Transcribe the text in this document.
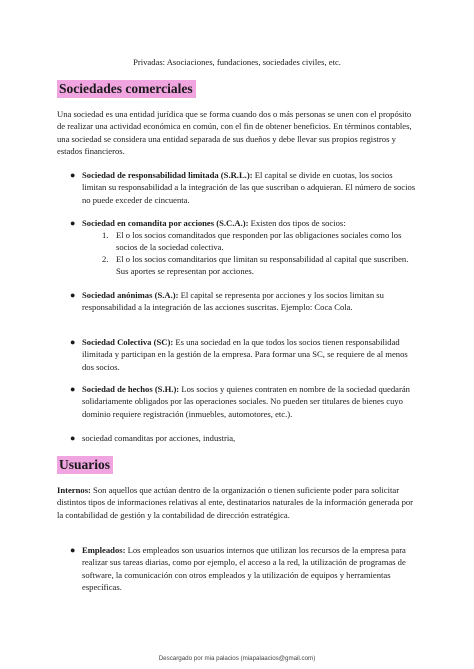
Privadas: Asociaciones, fundaciones, sociedades civiles, etc.

Sociedades comerciales

Una sociedad es una entidad jurídica que se forma cuando dos o más personas se unen con el propósito de realizar una actividad económica en común, con el fin de obtener beneficios. En términos contables, una sociedad se considera una entidad separada de sus dueños y debe llevar sus propios registros y estados financieros.

● Sociedad de responsabilidad limitada (S.R.L.): El capital se divide en cuotas, los socios limitan su responsabilidad a la integración de las que suscriban o adquieran. El número de socios no puede exceder de cincuenta.

● Sociedad en comandita por acciones (S.C.A.): Existen dos tipos de socios:

1. El o los socios comanditados que responden por las obligaciones sociales como los socios de la sociedad colectiva.

2. El o los socios comanditarios que limitan su responsabilidad al capital que suscriben. Sus aportes se representan por acciones.

● Sociedad anónimas (S.A.): El capital se representa por acciones y los socios limitan su responsabilidad a la integración de las acciones suscritas. Ejemplo: Coca Cola.

● Sociedad Colectiva (SC): Es una sociedad en la que todos los socios tienen responsabilidad ilimitada y participan en la gestión de la empresa. Para formar una SC, se requiere de al menos dos socios.

● Sociedad de hechos (S.H.): Los socios y quienes contraten en nombre de la sociedad quedarán solidariamente obligados por las operaciones sociales. No pueden ser titulares de bienes cuyo dominio requiere registración (inmuebles, automotores, etc.).

● sociedad comanditas por acciones, industria,

Usuarios

Internos: Son aquellos que actúan dentro de la organización o tienen suficiente poder para solicitar distintos tipos de informaciones relativas al ente, destinatarios naturales de la información generada por la contabilidad de gestión y la contabilidad de dirección estratégica.

● Empleados: Los empleados son usuarios internos que utilizan los recursos de la empresa para realizar sus tareas diarias, como por ejemplo, el acceso a la red, la utilización de programas de software, la comunicación con otros empleados y la utilización de equipos y herramientas específicas.

Descargado por mia palacios (miapalaacios@gmail.com)
